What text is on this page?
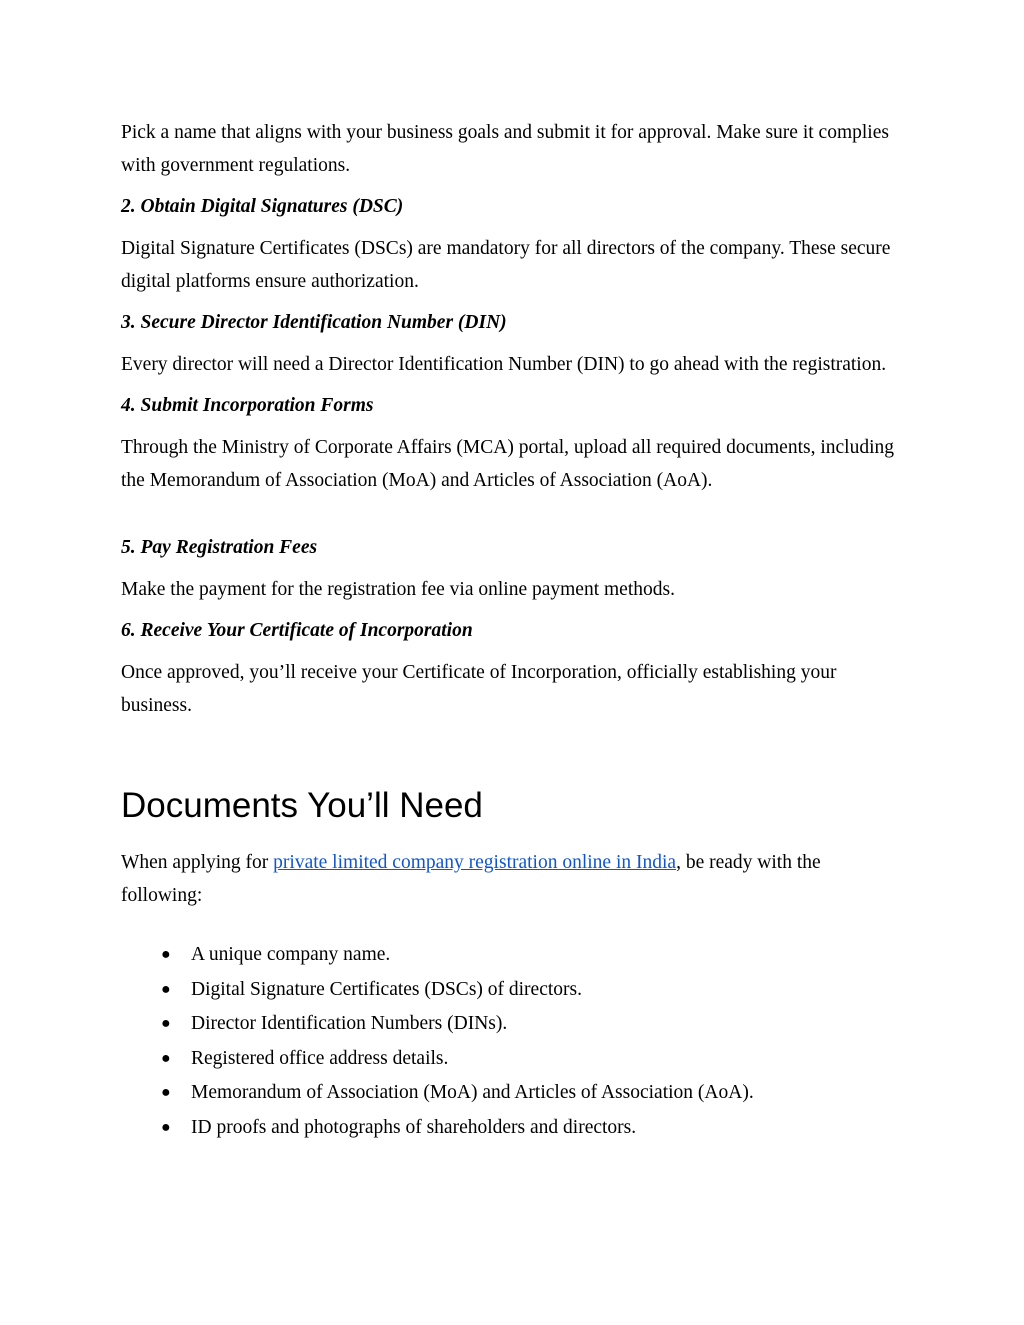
Pick a name that aligns with your business goals and submit it for approval. Make sure it complies with government regulations.

2. Obtain Digital Signatures (DSC)

Digital Signature Certificates (DSCs) are mandatory for all directors of the company. These secure digital platforms ensure authorization.

3. Secure Director Identification Number (DIN)

Every director will need a Director Identification Number (DIN) to go ahead with the registration.

4. Submit Incorporation Forms

Through the Ministry of Corporate Affairs (MCA) portal, upload all required documents, including the Memorandum of Association (MoA) and Articles of Association (AoA).

5. Pay Registration Fees

Make the payment for the registration fee via online payment methods.

6. Receive Your Certificate of Incorporation

Once approved, you’ll receive your Certificate of Incorporation, officially establishing your business.

Documents You’ll Need

When applying for private limited company registration online in India, be ready with the following:

● A unique company name.
● Digital Signature Certificates (DSCs) of directors.
● Director Identification Numbers (DINs).
● Registered office address details.
● Memorandum of Association (MoA) and Articles of Association (AoA).
● ID proofs and photographs of shareholders and directors.
